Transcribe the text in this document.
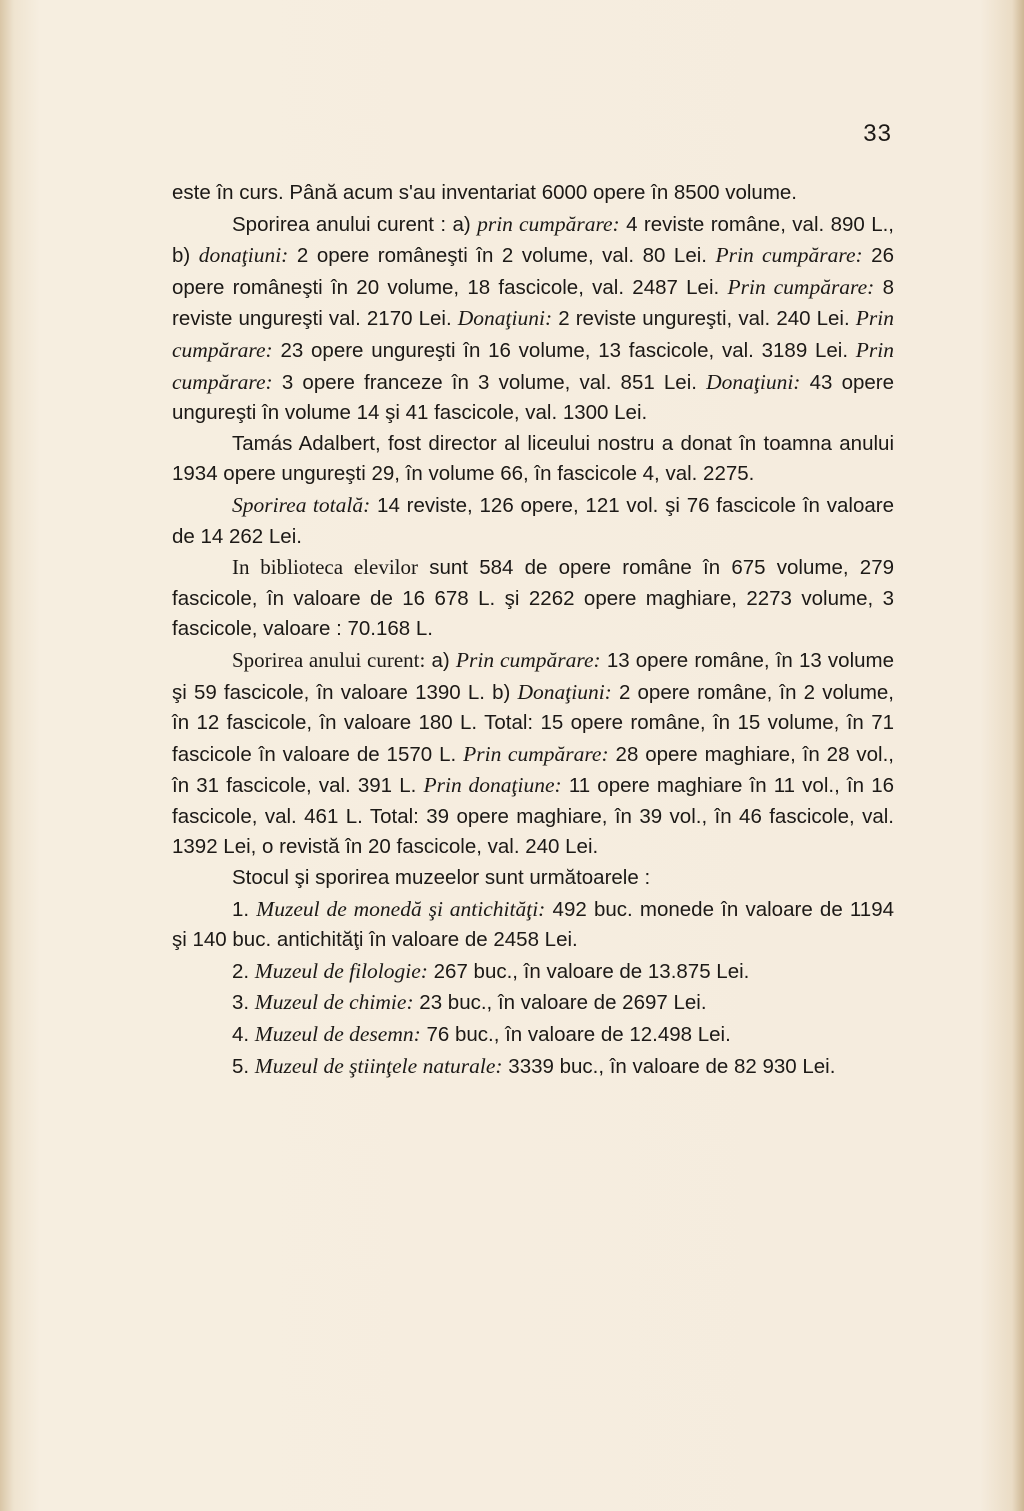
33

este în curs. Până acum s'au inventariat 6000 opere în 8500 volume.

Sporirea anului curent : a) prin cumpărare: 4 reviste române, val. 890 L., b) donaţiuni: 2 opere româneşti în 2 volume, val. 80 Lei. Prin cumpărare: 26 opere româneşti în 20 volume, 18 fascicole, val. 2487 Lei. Prin cumpărare: 8 reviste ungureşti val. 2170 Lei. Donaţiuni: 2 reviste ungureşti, val. 240 Lei. Prin cumpărare: 23 opere ungureşti în 16 volume, 13 fascicole, val. 3189 Lei. Prin cumpărare: 3 opere franceze în 3 volume, val. 851 Lei. Donaţiuni: 43 opere ungureşti în volume 14 şi 41 fascicole, val. 1300 Lei.

Tamás Adalbert, fost director al liceului nostru a donat în toamna anului 1934 opere ungureşti 29, în volume 66, în fascicole 4, val. 2275.

Sporirea totală: 14 reviste, 126 opere, 121 vol. şi 76 fascicole în valoare de 14 262 Lei.

In biblioteca elevilor sunt 584 de opere române în 675 volume, 279 fascicole, în valoare de 16 678 L. şi 2262 opere maghiare, 2273 volume, 3 fascicole, valoare : 70.168 L.

Sporirea anului curent: a) Prin cumpărare: 13 opere române, în 13 volume şi 59 fascicole, în valoare 1390 L. b) Donaţiuni: 2 opere române, în 2 volume, în 12 fascicole, în valoare 180 L. Total: 15 opere române, în 15 volume, în 71 fascicole în valoare de 1570 L. Prin cumpărare: 28 opere maghiare, în 28 vol., în 31 fascicole, val. 391 L. Prin donaţiune: 11 opere maghiare în 11 vol., în 16 fascicole, val. 461 L. Total: 39 opere maghiare, în 39 vol., în 46 fascicole, val. 1392 Lei, o revistă în 20 fascicole, val. 240 Lei.

Stocul şi sporirea muzeelor sunt următoarele :

1. Muzeul de monedă şi antichităţi: 492 buc. monede în valoare de 1194 şi 140 buc. antichităţi în valoare de 2458 Lei.

2. Muzeul de filologie: 267 buc., în valoare de 13.875 Lei.

3. Muzeul de chimie: 23 buc., în valoare de 2697 Lei.

4. Muzeul de desemn: 76 buc., în valoare de 12.498 Lei.

5. Muzeul de ştiinţele naturale: 3339 buc., în valoare de 82 930 Lei.
